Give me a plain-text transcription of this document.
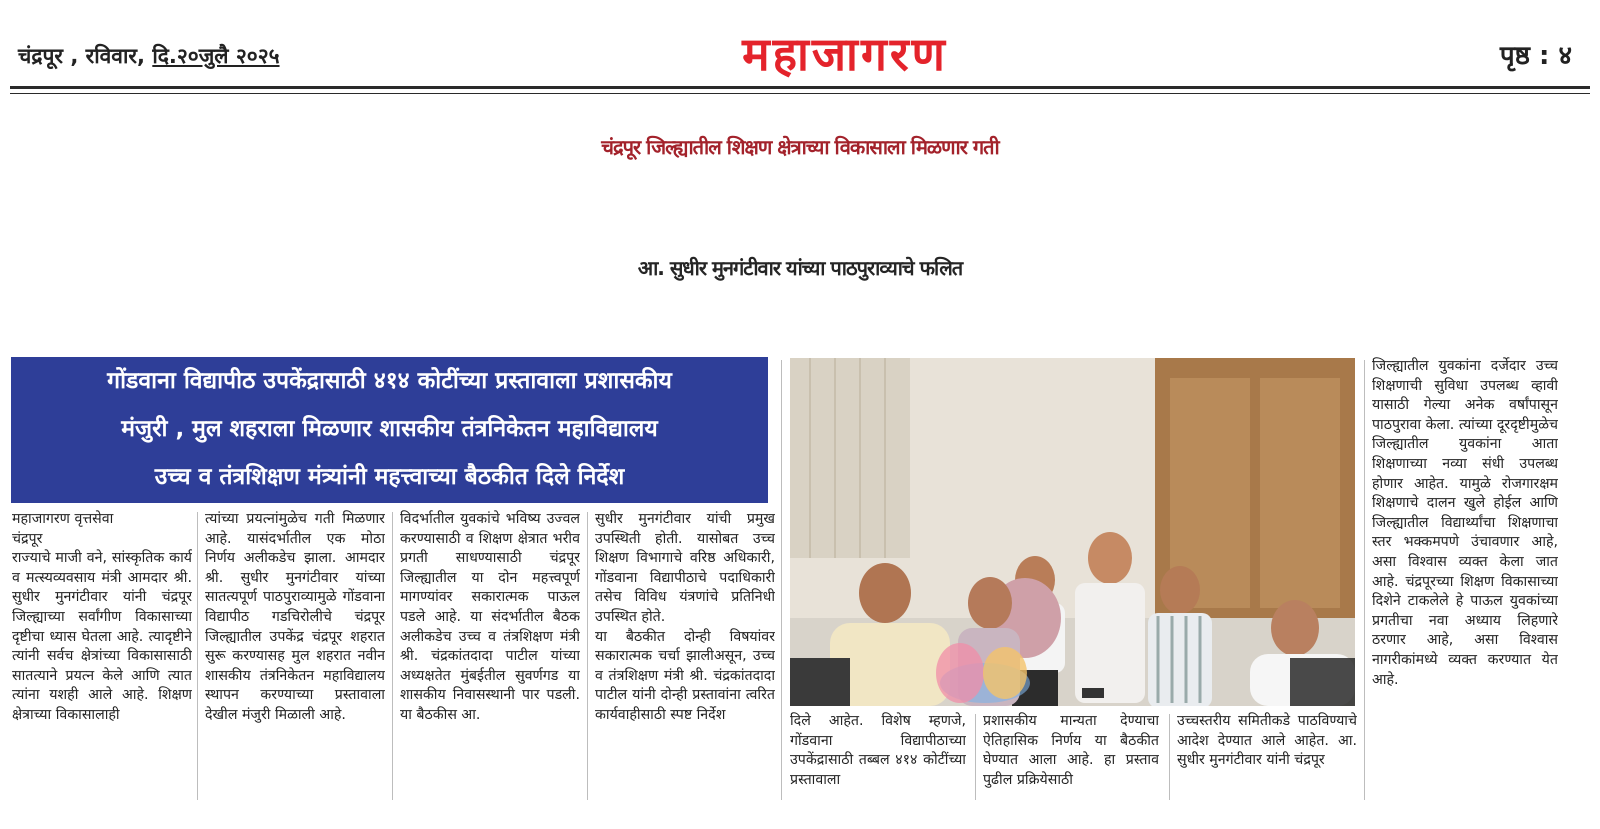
चंद्रपूर , रविवार, दि.२०जुलै २०२५	महाजागरण	पृष्ठ : ४
चंद्रपूर जिल्ह्यातील शिक्षण क्षेत्राच्या विकासाला मिळणार गती
आ. सुधीर मुनगंटीवार यांच्या पाठपुराव्याचे फलित
गोंडवाना विद्यापीठ उपकेंद्रासाठी ४१४ कोटींच्या प्रस्तावाला प्रशासकीय
मंजुरी , मुल शहराला मिळणार शासकीय तंत्रनिकेतन महाविद्यालय
उच्च व तंत्रशिक्षण मंत्र्यांनी महत्त्वाच्या बैठकीत दिले निर्देश

महाजागरण वृत्तसेवा

चंद्रपूर

राज्याचे माजी वने, सांस्कृतिक कार्य व मत्स्यव्यवसाय मंत्री आमदार श्री. सुधीर मुनगंटीवार यांनी चंद्रपूर जिल्ह्याच्या सर्वांगीण विकासाच्या दृष्टीचा ध्यास घेतला आहे. त्यादृष्टीने त्यांनी सर्वच क्षेत्रांच्या विकासासाठी सातत्याने प्रयत्न केले आणि त्यात त्यांना यशही आले आहे. शिक्षण क्षेत्राच्या विकासालाही

त्यांच्या प्रयत्नांमुळेच गती मिळणार आहे. यासंदर्भातील एक मोठा निर्णय अलीकडेच झाला. आमदार श्री. सुधीर मुनगंटीवार यांच्या सातत्यपूर्ण पाठपुराव्यामुळे गोंडवाना विद्यापीठ गडचिरोलीचे चंद्रपूर जिल्ह्यातील उपकेंद्र चंद्रपूर शहरात सुरू करण्यासह मुल शहरात नवीन शासकीय तंत्रनिकेतन महाविद्यालय स्थापन करण्याच्या प्रस्तावाला देखील मंजुरी मिळाली आहे.

विदर्भातील युवकांचे भविष्य उज्वल करण्यासाठी व शिक्षण क्षेत्रात भरीव प्रगती साधण्यासाठी चंद्रपूर जिल्ह्यातील या दोन महत्त्वपूर्ण मागण्यांवर सकारात्मक पाऊल पडले आहे. या संदर्भातील बैठक अलीकडेच उच्च व तंत्रशिक्षण मंत्री श्री. चंद्रकांतदादा पाटील यांच्या अध्यक्षतेत मुंबईतील सुवर्णगड या शासकीय निवासस्थानी पार पडली. या बैठकीस आ.

सुधीर मुनगंटीवार यांची प्रमुख उपस्थिती होती. यासोबत उच्च शिक्षण विभागाचे वरिष्ठ अधिकारी, गोंडवाना विद्यापीठाचे पदाधिकारी तसेच विविध यंत्रणांचे प्रतिनिधी उपस्थित होते.

या बैठकीत दोन्ही विषयांवर सकारात्मक चर्चा झालीअसून, उच्च व तंत्रशिक्षण मंत्री श्री. चंद्रकांतदादा पाटील यांनी दोन्ही प्रस्तावांना त्वरित कार्यवाहीसाठी स्पष्ट निर्देश	दिले आहेत. विशेष म्हणजे, गोंडवाना विद्यापीठाच्या उपकेंद्रासाठी तब्बल ४१४ कोटींच्या प्रस्तावाला

प्रशासकीय मान्यता देण्याचा ऐतिहासिक निर्णय या बैठकीत घेण्यात आला आहे. हा प्रस्ताव पुढील प्रक्रियेसाठी

उच्चस्तरीय समितीकडे पाठविण्याचे आदेश देण्यात आले आहेत. आ. सुधीर मुनगंटीवार यांनी चंद्रपूर

जिल्ह्यातील युवकांना दर्जेदार उच्च शिक्षणाची सुविधा उपलब्ध व्हावी यासाठी गेल्या अनेक वर्षांपासून पाठपुरावा केला. त्यांच्या दूरदृष्टीमुळेच जिल्ह्यातील युवकांना आता शिक्षणाच्या नव्या संधी उपलब्ध होणार आहेत. यामुळे रोजगारक्षम शिक्षणाचे दालन खुले होईल आणि जिल्ह्यातील विद्यार्थ्यांचा शिक्षणाचा स्तर भक्कमपणे उंचावणार आहे, असा विश्वास व्यक्त केला जात आहे. चंद्रपूरच्या शिक्षण विकासाच्या दिशेने टाकलेले हे पाऊल युवकांच्या प्रगतीचा नवा अध्याय लिहणारे ठरणार आहे, असा विश्वास नागरीकांमध्ये व्यक्त करण्यात येत आहे.
